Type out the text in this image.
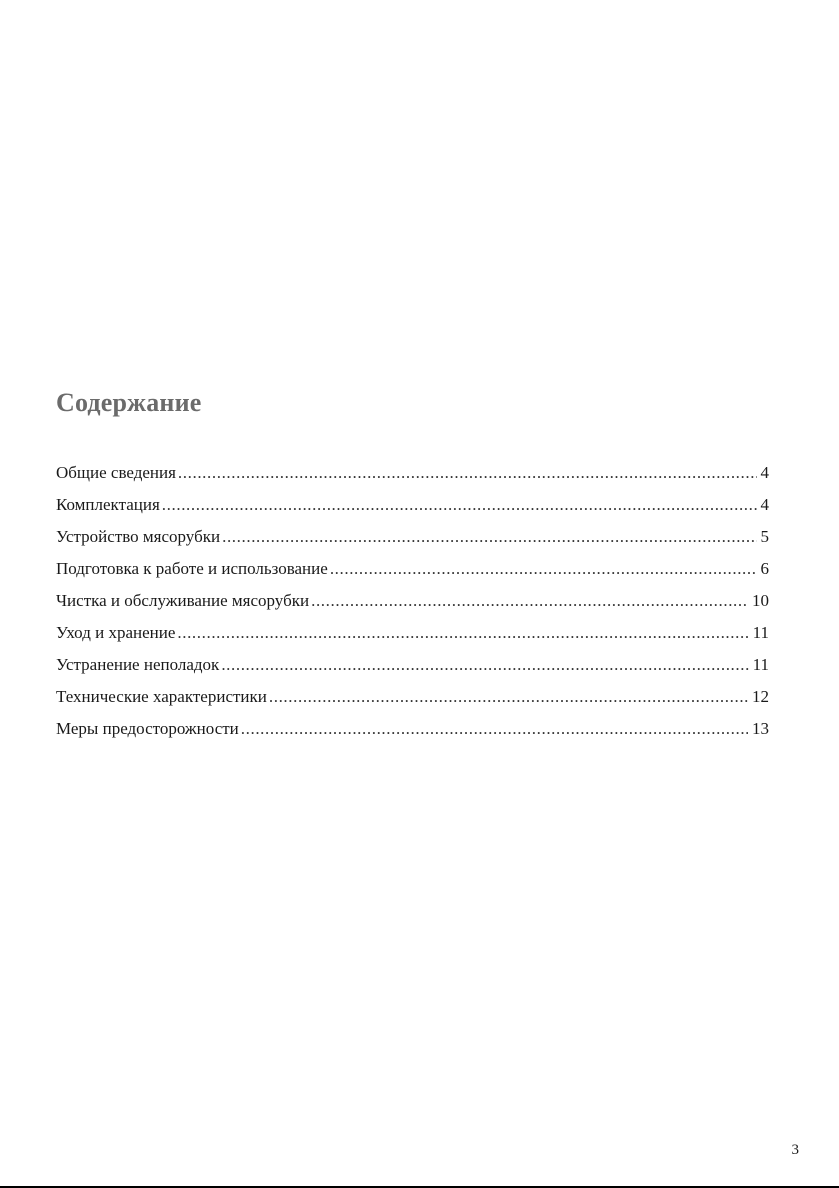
Содержание
Общие сведения .....	4
Комплектация .....	4
Устройство мясорубки .....	5
Подготовка к работе и использование .....	6
Чистка и обслуживание мясорубки .....	10
Уход и хранение .....	11
Устранение неполадок .....	11
Технические характеристики .....	12
Меры предосторожности .....	13
3
